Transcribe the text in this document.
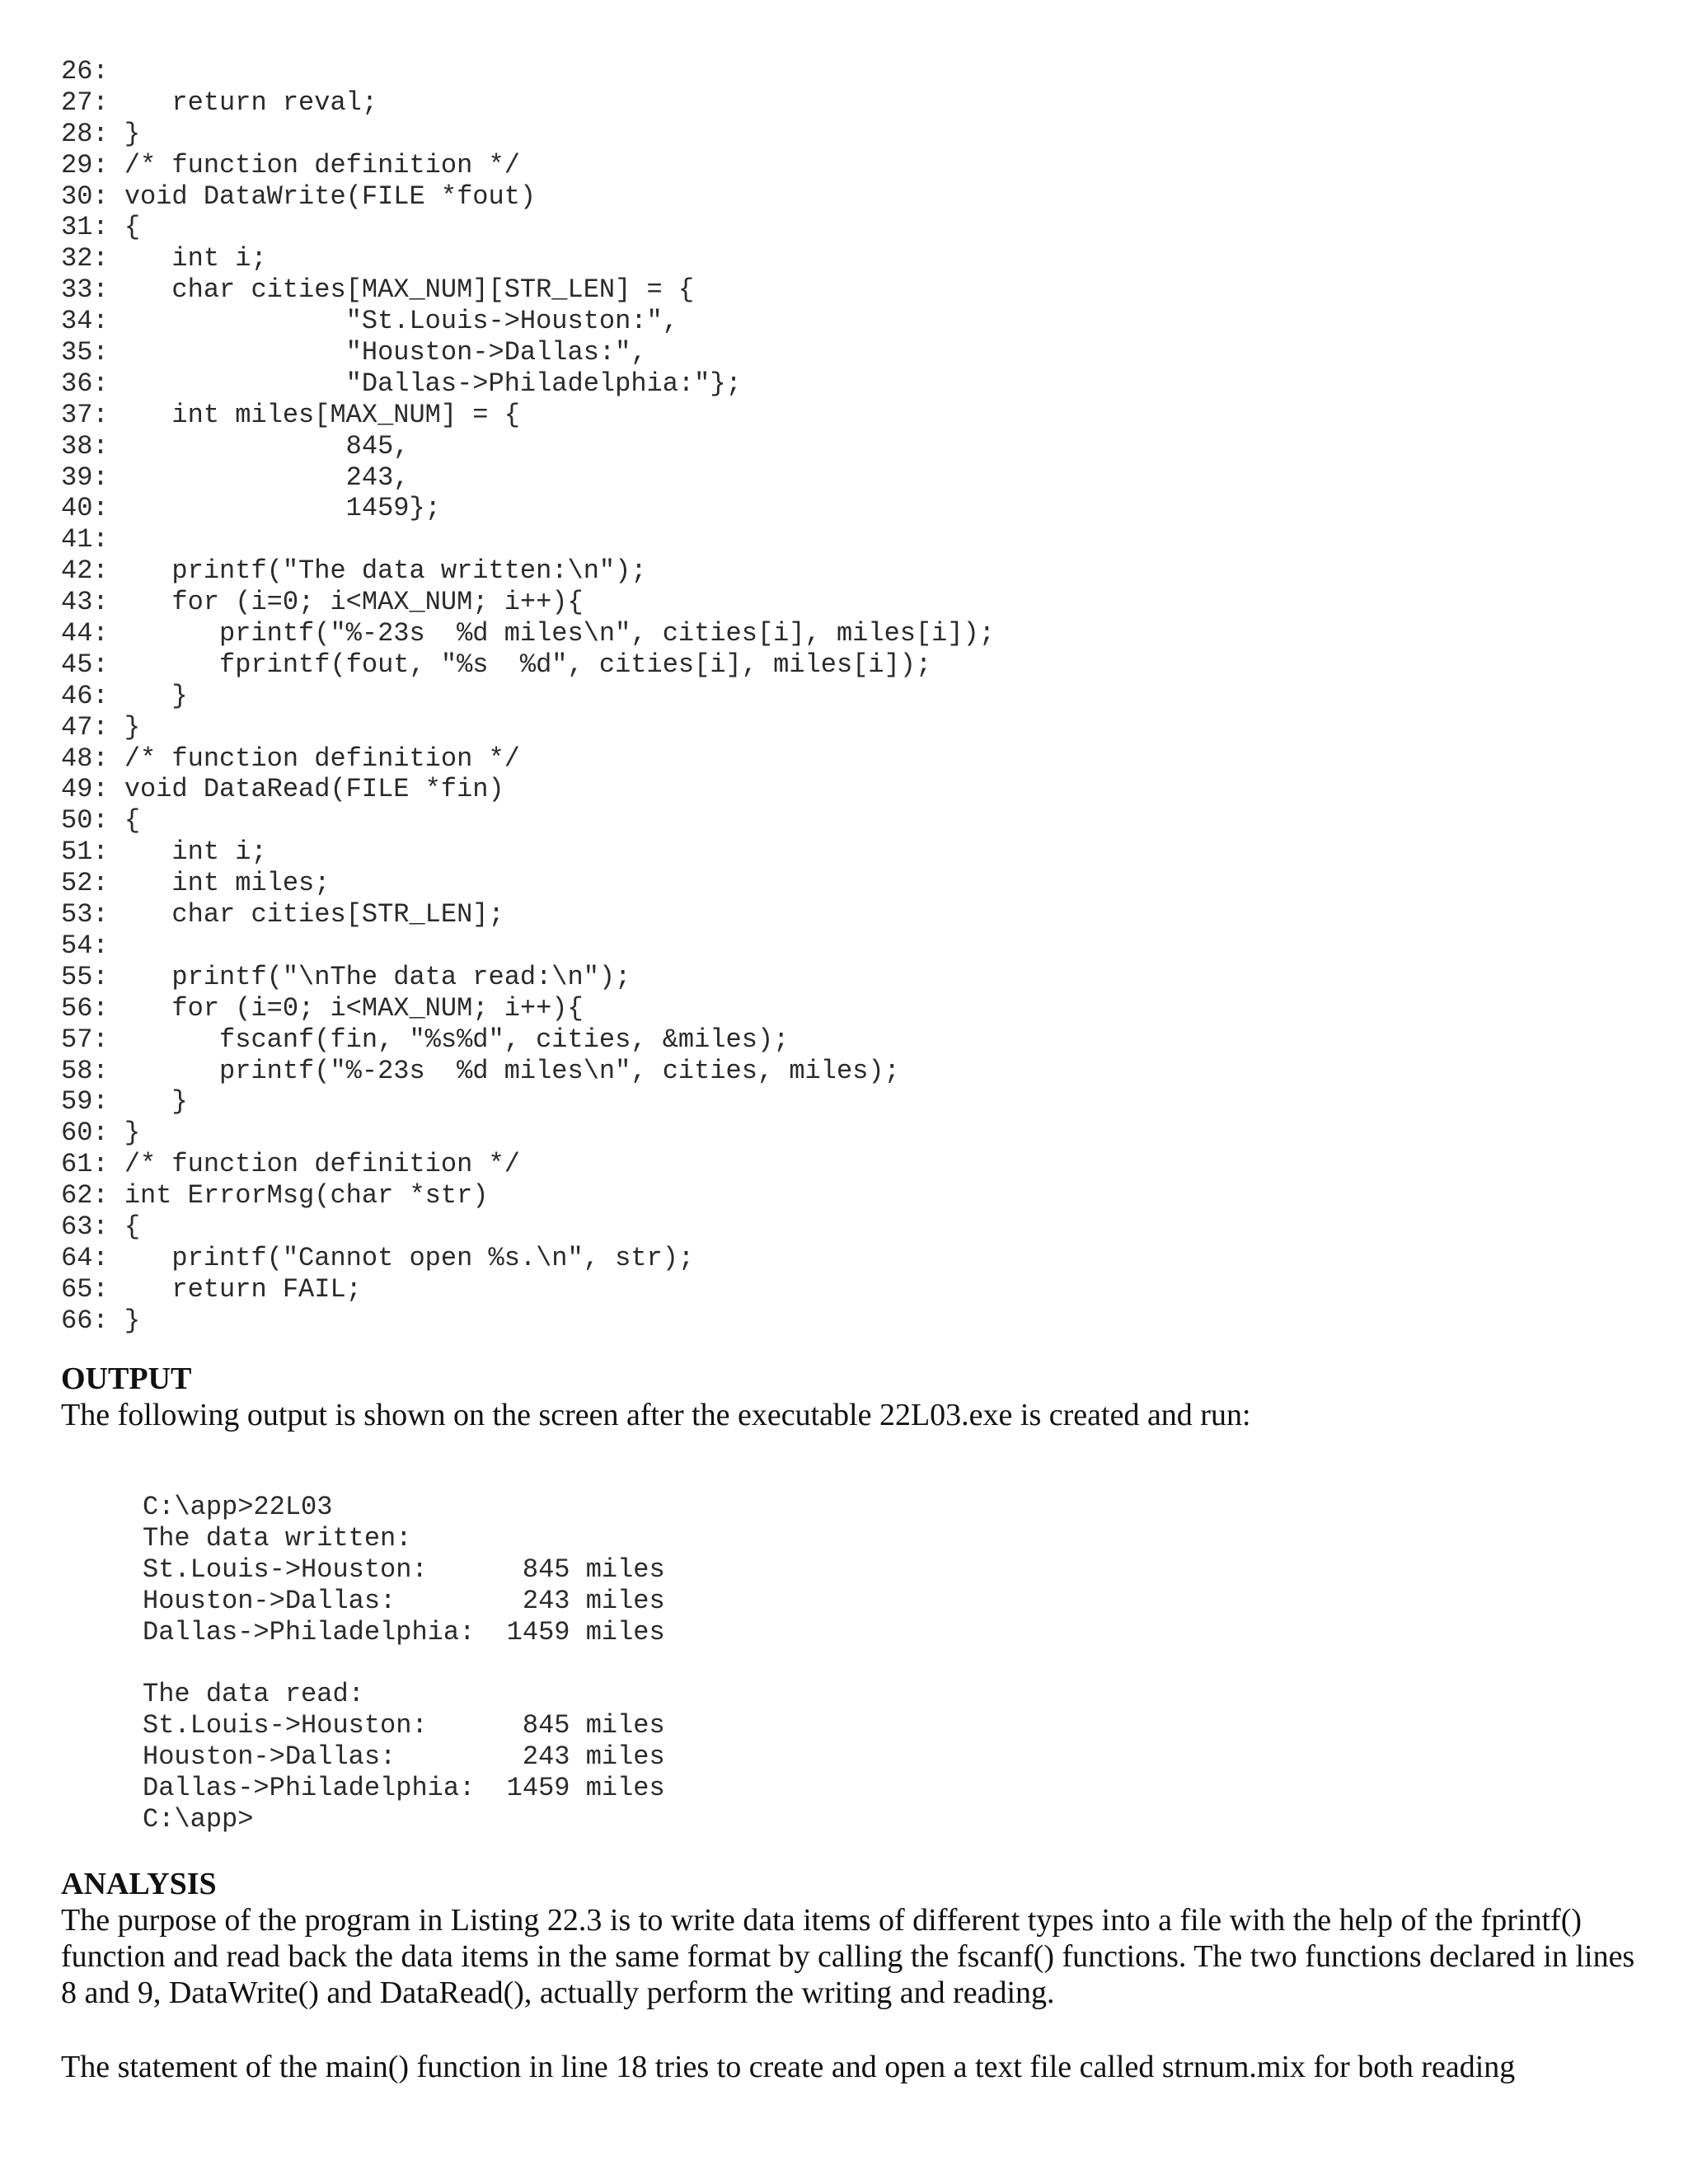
26:
27:    return reval;
28: }
29: /* function definition */
30: void DataWrite(FILE *fout)
31: {
32:    int i;
33:    char cities[MAX_NUM][STR_LEN] = {
34:               "St.Louis->Houston:",
35:               "Houston->Dallas:",
36:               "Dallas->Philadelphia:"};
37:    int miles[MAX_NUM] = {
38:               845,
39:               243,
40:               1459};
41:
42:    printf("The data written:\n");
43:    for (i=0; i<MAX_NUM; i++){
44:       printf("%-23s  %d miles\n", cities[i], miles[i]);
45:       fprintf(fout, "%s  %d", cities[i], miles[i]);
46:    }
47: }
48: /* function definition */
49: void DataRead(FILE *fin)
50: {
51:    int i;
52:    int miles;
53:    char cities[STR_LEN];
54:
55:    printf("\nThe data read:\n");
56:    for (i=0; i<MAX_NUM; i++){
57:       fscanf(fin, "%s%d", cities, &miles);
58:       printf("%-23s  %d miles\n", cities, miles);
59:    }
60: }
61: /* function definition */
62: int ErrorMsg(char *str)
63: {
64:    printf("Cannot open %s.\n", str);
65:    return FAIL;
66: }
OUTPUT

The following output is shown on the screen after the executable 22L03.exe is created and run:

C:\app>22L03
The data written:
St.Louis->Houston:      845 miles
Houston->Dallas:        243 miles
Dallas->Philadelphia:  1459 miles
The data read:
St.Louis->Houston:      845 miles
Houston->Dallas:        243 miles
Dallas->Philadelphia:  1459 miles
C:\app>
ANALYSIS

The purpose of the program in Listing 22.3 is to write data items of different types into a file with the help of the fprintf() function and read back the data items in the same format by calling the fscanf() functions. The two functions declared in lines 8 and 9, DataWrite() and DataRead(), actually perform the writing and reading.

The statement of the main() function in line 18 tries to create and open a text file called strnum.mix for both reading
